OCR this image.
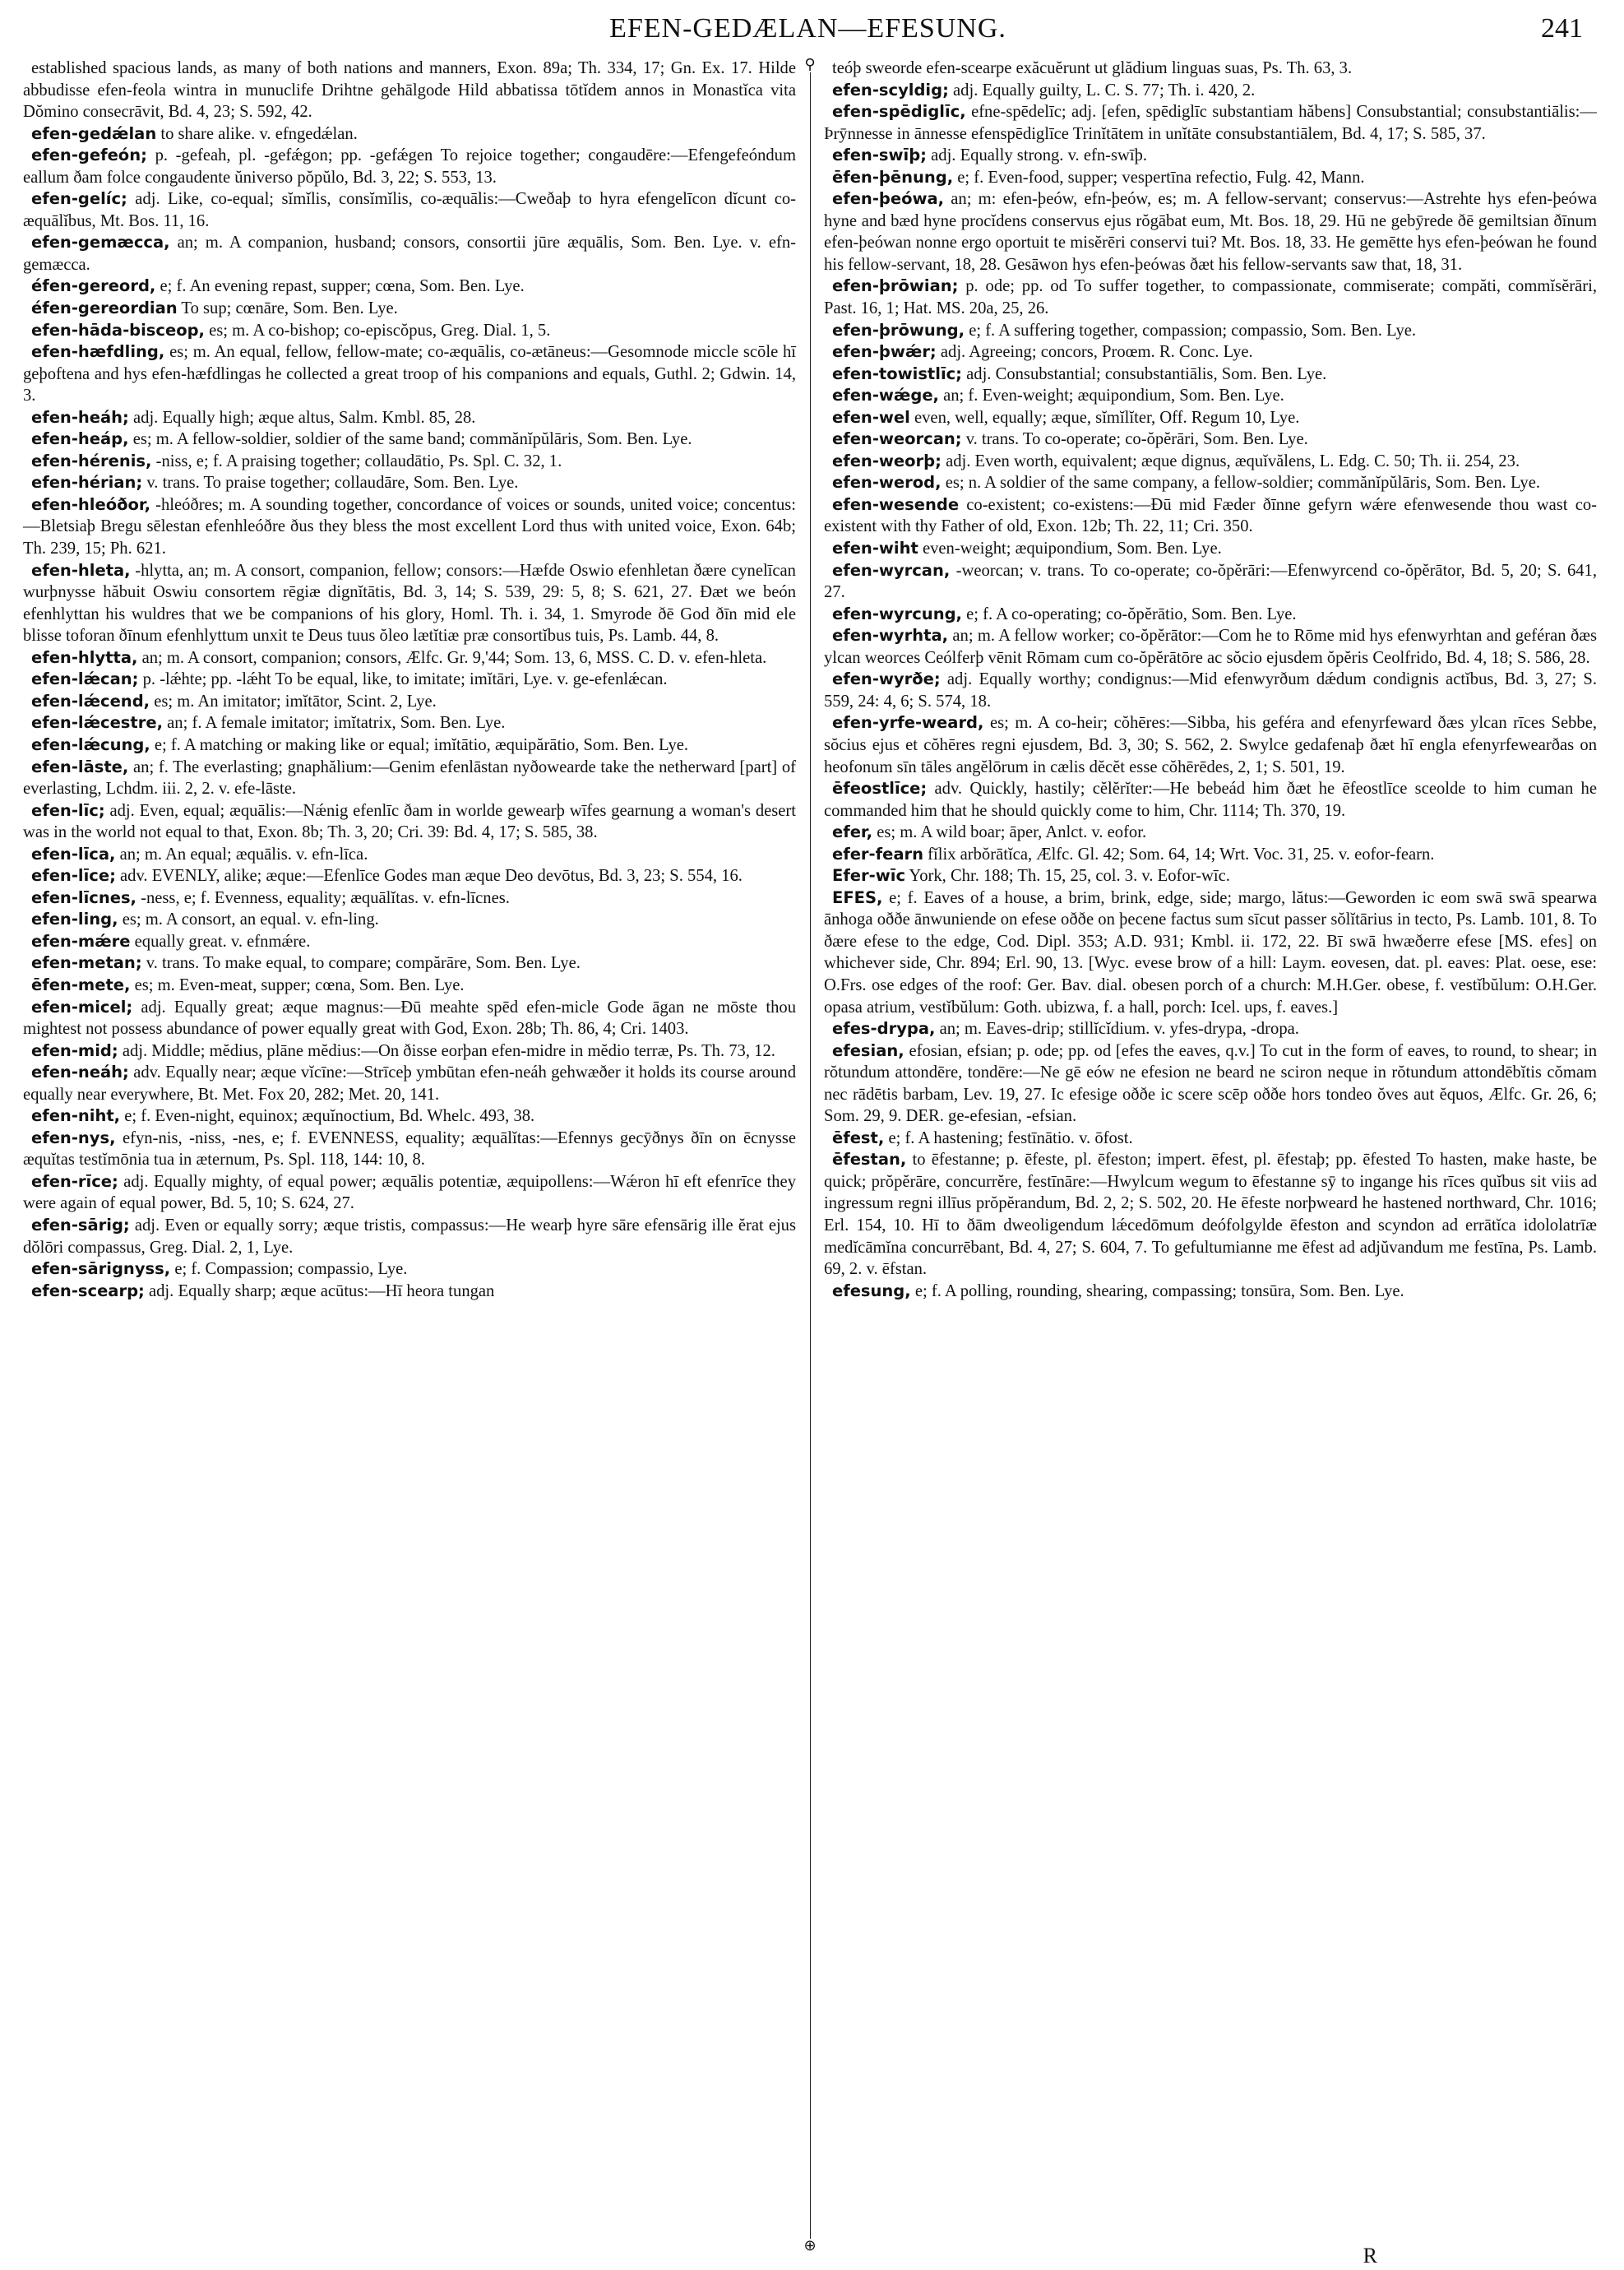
EFEN-GEDÆLAN—EFESUNG.	241

established spacious lands, as many of both nations and manners, Exon. 89a; Th. 334, 17; Gn. Ex. 17. Hilde abbudisse efen-feola wintra in munuclife Drihtne gehālgode Hild abbatissa tōtĭdem annos in Monastĭca vita Dŏmino consecrāvit, Bd. 4, 23; S. 592, 42.

efen-gedǽlan to share alike. v. efngedǽlan.

efen-gefeón; p. -gefeah, pl. -gefǽgon; pp. -gefǽgen To rejoice together; congaudēre:—Efengefeóndum eallum ðam folce congaudente ŭniverso pŏpŭlo, Bd. 3, 22; S. 553, 13.

efen-gelíc; adj. Like, co-equal; sĭmĭlis, consĭmĭlis, co-æquālis:—Cweðaþ to hyra efengelīcon dĭcunt co-æquālĭbus, Mt. Bos. 11, 16.

efen-gemæcca, an; m. A companion, husband; consors, consortii jūre æquālis, Som. Ben. Lye. v. efn-gemæcca.

éfen-gereord, e; f. An evening repast, supper; cœna, Som. Ben. Lye.

éfen-gereordian To sup; cœnāre, Som. Ben. Lye.

efen-hāda-bisceop, es; m. A co-bishop; co-episcŏpus, Greg. Dial. 1, 5.

efen-hæfdling, es; m. An equal, fellow, fellow-mate; co-æquālis, co-ætāneus:—Gesomnode miccle scōle hī geþoftena and hys efen-hæfdlingas he collected a great troop of his companions and equals, Guthl. 2; Gdwin. 14, 3.

efen-heáh; adj. Equally high; æque altus, Salm. Kmbl. 85, 28.

efen-heáp, es; m. A fellow-soldier, soldier of the same band; commănĭpŭlāris, Som. Ben. Lye.

efen-hérenis, -niss, e; f. A praising together; collaudātio, Ps. Spl. C. 32, 1.

efen-hérian; v. trans. To praise together; collaudāre, Som. Ben. Lye.

efen-hleóðor, -hleóðres; m. A sounding together, concordance of voices or sounds, united voice; concentus:—Bletsiaþ Bregu sēlestan efenhleóðre ðus they bless the most excellent Lord thus with united voice, Exon. 64b; Th. 239, 15; Ph. 621.

efen-hleta, -hlytta, an; m. A consort, companion, fellow; consors:—Hæfde Oswio efenhletan ðære cynelīcan wurþnysse hăbuit Oswiu consortem rēgiæ dignĭtātis, Bd. 3, 14; S. 539, 29: 5, 8; S. 621, 27. Ðæt we beón efenhlyttan his wuldres that we be companions of his glory, Homl. Th. i. 34, 1. Smyrode ðē God ðīn mid ele blisse toforan ðīnum efenhlyttum unxit te Deus tuus ŏleo lætĭtiæ præ consortĭbus tuis, Ps. Lamb. 44, 8.

efen-hlytta, an; m. A consort, companion; consors, Ælfc. Gr. 9,'44; Som. 13, 6, MSS. C. D. v. efen-hleta.

efen-lǽcan; p. -lǽhte; pp. -lǽht To be equal, like, to imitate; imĭtāri, Lye. v. ge-efenlǽcan.

efen-lǽcend, es; m. An imitator; imĭtātor, Scint. 2, Lye.

efen-lǽcestre, an; f. A female imitator; imĭtatrix, Som. Ben. Lye.

efen-lǽcung, e; f. A matching or making like or equal; imĭtātio, æquipărātio, Som. Ben. Lye.

efen-lāste, an; f. The everlasting; gnaphălium:—Genim efenlāstan nyðowearde take the netherward [part] of everlasting, Lchdm. iii. 2, 2. v. efe-lāste.

efen-līc; adj. Even, equal; æquālis:—Nǽnig efenlīc ðam in worlde gewearþ wīfes gearnung a woman's desert was in the world not equal to that, Exon. 8b; Th. 3, 20; Cri. 39: Bd. 4, 17; S. 585, 38.

efen-līca, an; m. An equal; æquālis. v. efn-līca.

efen-līce; adv. EVENLY, alike; æque:—Efenlīce Godes man æque Deo devōtus, Bd. 3, 23; S. 554, 16.

efen-līcnes, -ness, e; f. Evenness, equality; æquālĭtas. v. efn-līcnes.

efen-ling, es; m. A consort, an equal. v. efn-ling.

efen-mǽre equally great. v. efnmǽre.

efen-metan; v. trans. To make equal, to compare; compărāre, Som. Ben. Lye.

ēfen-mete, es; m. Even-meat, supper; cœna, Som. Ben. Lye.

efen-micel; adj. Equally great; æque magnus:—Ðū meahte spēd efen-micle Gode āgan ne mōste thou mightest not possess abundance of power equally great with God, Exon. 28b; Th. 86, 4; Cri. 1403.

efen-mid; adj. Middle; mĕdius, plāne mĕdius:—On ðisse eorþan efen-midre in mĕdio terræ, Ps. Th. 73, 12.

efen-neáh; adv. Equally near; æque vĭcīne:—Strīceþ ymbūtan efen-neáh gehwæðer it holds its course around equally near everywhere, Bt. Met. Fox 20, 282; Met. 20, 141.

efen-niht, e; f. Even-night, equinox; æquĭnoctium, Bd. Whelc. 493, 38.

efen-nys, efyn-nis, -niss, -nes, e; f. EVENNESS, equality; æquālĭtas:—Efennys gecȳðnys ðīn on ēcnysse æquĭtas testĭmōnia tua in æternum, Ps. Spl. 118, 144: 10, 8.

efen-rīce; adj. Equally mighty, of equal power; æquālis potentiæ, æquipollens:—Wǽron hī eft efenrīce they were again of equal power, Bd. 5, 10; S. 624, 27.

efen-sārig; adj. Even or equally sorry; æque tristis, compassus:—He wearþ hyre sāre efensārig ille ĕrat ejus dŏlōri compassus, Greg. Dial. 2, 1, Lye.

efen-sārignyss, e; f. Compassion; compassio, Lye.

efen-scearp; adj. Equally sharp; æque acūtus:—Hī heora tungan

⚲
⊕

teóþ sweorde efen-scearpe exăcuĕrunt ut glădium linguas suas, Ps. Th. 63, 3.

efen-scyldig; adj. Equally guilty, L. C. S. 77; Th. i. 420, 2.

efen-spēdiglīc, efne-spēdelīc; adj. [efen, spēdiglīc substantiam hăbens] Consubstantial; consubstantiālis:—Þrȳnnesse in ānnesse efenspēdiglīce Trinĭtātem in unĭtāte consubstantiālem, Bd. 4, 17; S. 585, 37.

efen-swīþ; adj. Equally strong. v. efn-swīþ.

ēfen-þēnung, e; f. Even-food, supper; vespertīna refectio, Fulg. 42, Mann.

efen-þeówa, an; m: efen-þeów, efn-þeów, es; m. A fellow-servant; conservus:—Astrehte hys efen-þeówa hyne and bæd hyne procĭdens conservus ejus rŏgābat eum, Mt. Bos. 18, 29. Hū ne gebȳrede ðē gemiltsian ðīnum efen-þeówan nonne ergo oportuit te misĕrēri conservi tui? Mt. Bos. 18, 33. He gemētte hys efen-þeówan he found his fellow-servant, 18, 28. Gesāwon hys efen-þeówas ðæt his fellow-servants saw that, 18, 31.

efen-þrōwian; p. ode; pp. od To suffer together, to compassionate, commiserate; compăti, commĭsĕrāri, Past. 16, 1; Hat. MS. 20a, 25, 26.

efen-þrōwung, e; f. A suffering together, compassion; compassio, Som. Ben. Lye.

efen-þwǽr; adj. Agreeing; concors, Proœm. R. Conc. Lye.

efen-towistlīc; adj. Consubstantial; consubstantiālis, Som. Ben. Lye.

efen-wǽge, an; f. Even-weight; æquipondium, Som. Ben. Lye.

efen-wel even, well, equally; æque, sĭmĭlĭter, Off. Regum 10, Lye.

efen-weorcan; v. trans. To co-operate; co-ŏpĕrāri, Som. Ben. Lye.

efen-weorþ; adj. Even worth, equivalent; æque dignus, æquĭvălens, L. Edg. C. 50; Th. ii. 254, 23.

efen-werod, es; n. A soldier of the same company, a fellow-soldier; commănĭpŭlāris, Som. Ben. Lye.

efen-wesende co-existent; co-existens:—Ðū mid Fæder ðīnne gefyrn wǽre efenwesende thou wast co-existent with thy Father of old, Exon. 12b; Th. 22, 11; Cri. 350.

efen-wiht even-weight; æquipondium, Som. Ben. Lye.

efen-wyrcan, -weorcan; v. trans. To co-operate; co-ŏpĕrāri:—Efenwyrcend co-ŏpĕrātor, Bd. 5, 20; S. 641, 27.

efen-wyrcung, e; f. A co-operating; co-ŏpĕrātio, Som. Ben. Lye.

efen-wyrhta, an; m. A fellow worker; co-ŏpĕrātor:—Com he to Rōme mid hys efenwyrhtan and geféran ðæs ylcan weorces Ceólferþ vēnit Rōmam cum co-ŏpĕrātōre ac sŏcio ejusdem ŏpĕris Ceolfrido, Bd. 4, 18; S. 586, 28.

efen-wyrðe; adj. Equally worthy; condignus:—Mid efenwyrðum dǽdum condignis actĭbus, Bd. 3, 27; S. 559, 24: 4, 6; S. 574, 18.

efen-yrfe-weard, es; m. A co-heir; cŏhēres:—Sibba, his geféra and efenyrfeward ðæs ylcan rīces Sebbe, sŏcius ejus et cŏhēres regni ejusdem, Bd. 3, 30; S. 562, 2. Swylce gedafenaþ ðæt hī engla efenyrfewearðas on heofonum sīn tāles angĕlōrum in cælis dĕcĕt esse cŏhērēdes, 2, 1; S. 501, 19.

ēfeostlīce; adv. Quickly, hastily; cĕlĕrĭter:—He bebeád him ðæt he ēfeostlīce sceolde to him cuman he commanded him that he should quickly come to him, Chr. 1114; Th. 370, 19.

efer, es; m. A wild boar; āper, Anlct. v. eofor.

efer-fearn fĭlix arbŏrātĭca, Ælfc. Gl. 42; Som. 64, 14; Wrt. Voc. 31, 25. v. eofor-fearn.

Efer-wīc York, Chr. 188; Th. 15, 25, col. 3. v. Eofor-wīc.

EFES, e; f. Eaves of a house, a brim, brink, edge, side; margo, lătus:—Geworden ic eom swā swā spearwa ānhoga oððe ānwuniende on efese oððe on þecene factus sum sīcut passer sŏlĭtārius in tecto, Ps. Lamb. 101, 8. To ðære efese to the edge, Cod. Dipl. 353; A.D. 931; Kmbl. ii. 172, 22. Bī swā hwæðerre efese [MS. efes] on whichever side, Chr. 894; Erl. 90, 13. [Wyc. evese brow of a hill: Laym. eovesen, dat. pl. eaves: Plat. oese, ese: O.Frs. ose edges of the roof: Ger. Bav. dial. obesen porch of a church: M.H.Ger. obese, f. vestĭbŭlum: O.H.Ger. opasa atrium, vestĭbŭlum: Goth. ubizwa, f. a hall, porch: Icel. ups, f. eaves.]

efes-drypa, an; m. Eaves-drip; stillĭcĭdium. v. yfes-drypa, -dropa.

efesian, efosian, efsian; p. ode; pp. od [efes the eaves, q.v.] To cut in the form of eaves, to round, to shear; in rŏtundum attondēre, tondēre:—Ne gē eów ne efesion ne beard ne sciron neque in rŏtundum attondēbĭtis cŏmam nec rādētis barbam, Lev. 19, 27. Ic efesige oððe ic scere scēp oððe hors tondeo ŏves aut ĕquos, Ælfc. Gr. 26, 6; Som. 29, 9. DER. ge-efesian, -efsian.

ēfest, e; f. A hastening; festīnātio. v. ōfost.

ēfestan, to ēfestanne; p. ēfeste, pl. ēfeston; impert. ēfest, pl. ēfestaþ; pp. ēfested To hasten, make haste, be quick; prŏpĕrāre, concurrĕre, festīnāre:—Hwylcum wegum to ēfestanne sȳ to ingange his rīces quĭbus sit viis ad ingressum regni illīus prŏpĕrandum, Bd. 2, 2; S. 502, 20. He ēfeste norþweard he hastened northward, Chr. 1016; Erl. 154, 10. Hī to ðām dweoligendum lǽcedōmum deófolgylde ēfeston and scyndon ad errātĭca idololatrīæ medĭcāmĭna concurrēbant, Bd. 4, 27; S. 604, 7. To gefultumianne me ēfest ad adjŭvandum me festīna, Ps. Lamb. 69, 2. v. ēfstan.

efesung, e; f. A polling, rounding, shearing, compassing; tonsūra, Som. Ben. Lye.

R
